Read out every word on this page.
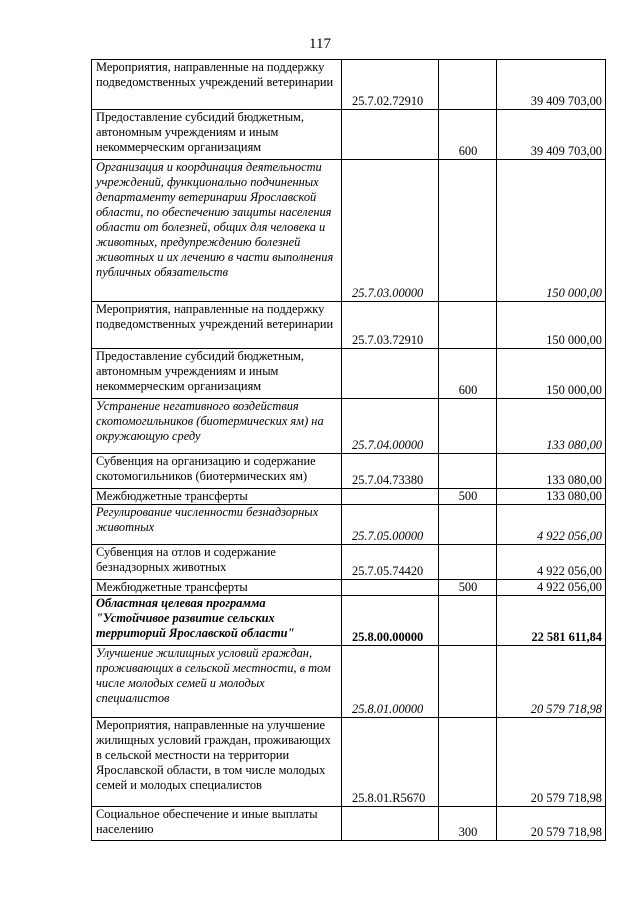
117
Мероприятия, направленные на поддержку подведомственных учреждений ветеринарии	25.7.02.72910		39 409 703,00
Предоставление субсидий бюджетным, автономным учреждениям и иным некоммерческим организациям		600	39 409 703,00
Организация и координация деятельности учреждений, функционально подчиненных департаменту ветеринарии Ярославской области, по обеспечению защиты населения области от болезней, общих для человека и животных, предупреждению болезней животных и их лечению в части выполнения публичных обязательств	25.7.03.00000		150 000,00
Мероприятия, направленные на поддержку подведомственных учреждений ветеринарии	25.7.03.72910		150 000,00
Предоставление субсидий бюджетным, автономным учреждениям и иным некоммерческим организациям		600	150 000,00
Устранение негативного воздействия скотомогильников (биотермических ям) на окружающую среду	25.7.04.00000		133 080,00
Субвенция на организацию и содержание скотомогильников (биотермических ям)	25.7.04.73380		133 080,00
Межбюджетные трансферты		500	133 080,00
Регулирование численности безнадзорных животных	25.7.05.00000		4 922 056,00
Субвенция на отлов и содержание безнадзорных животных	25.7.05.74420		4 922 056,00
Межбюджетные трансферты		500	4 922 056,00
Областная целевая программа "Устойчивое развитие сельских территорий Ярославской области"	25.8.00.00000		22 581 611,84
Улучшение жилищных условий граждан, проживающих в сельской местности, в том числе молодых семей и молодых специалистов	25.8.01.00000		20 579 718,98
Мероприятия, направленные на улучшение жилищных условий граждан, проживающих в сельской местности на территории Ярославской области, в том числе молодых семей и молодых специалистов	25.8.01.R5670		20 579 718,98
Социальное обеспечение и иные выплаты населению		300	20 579 718,98
